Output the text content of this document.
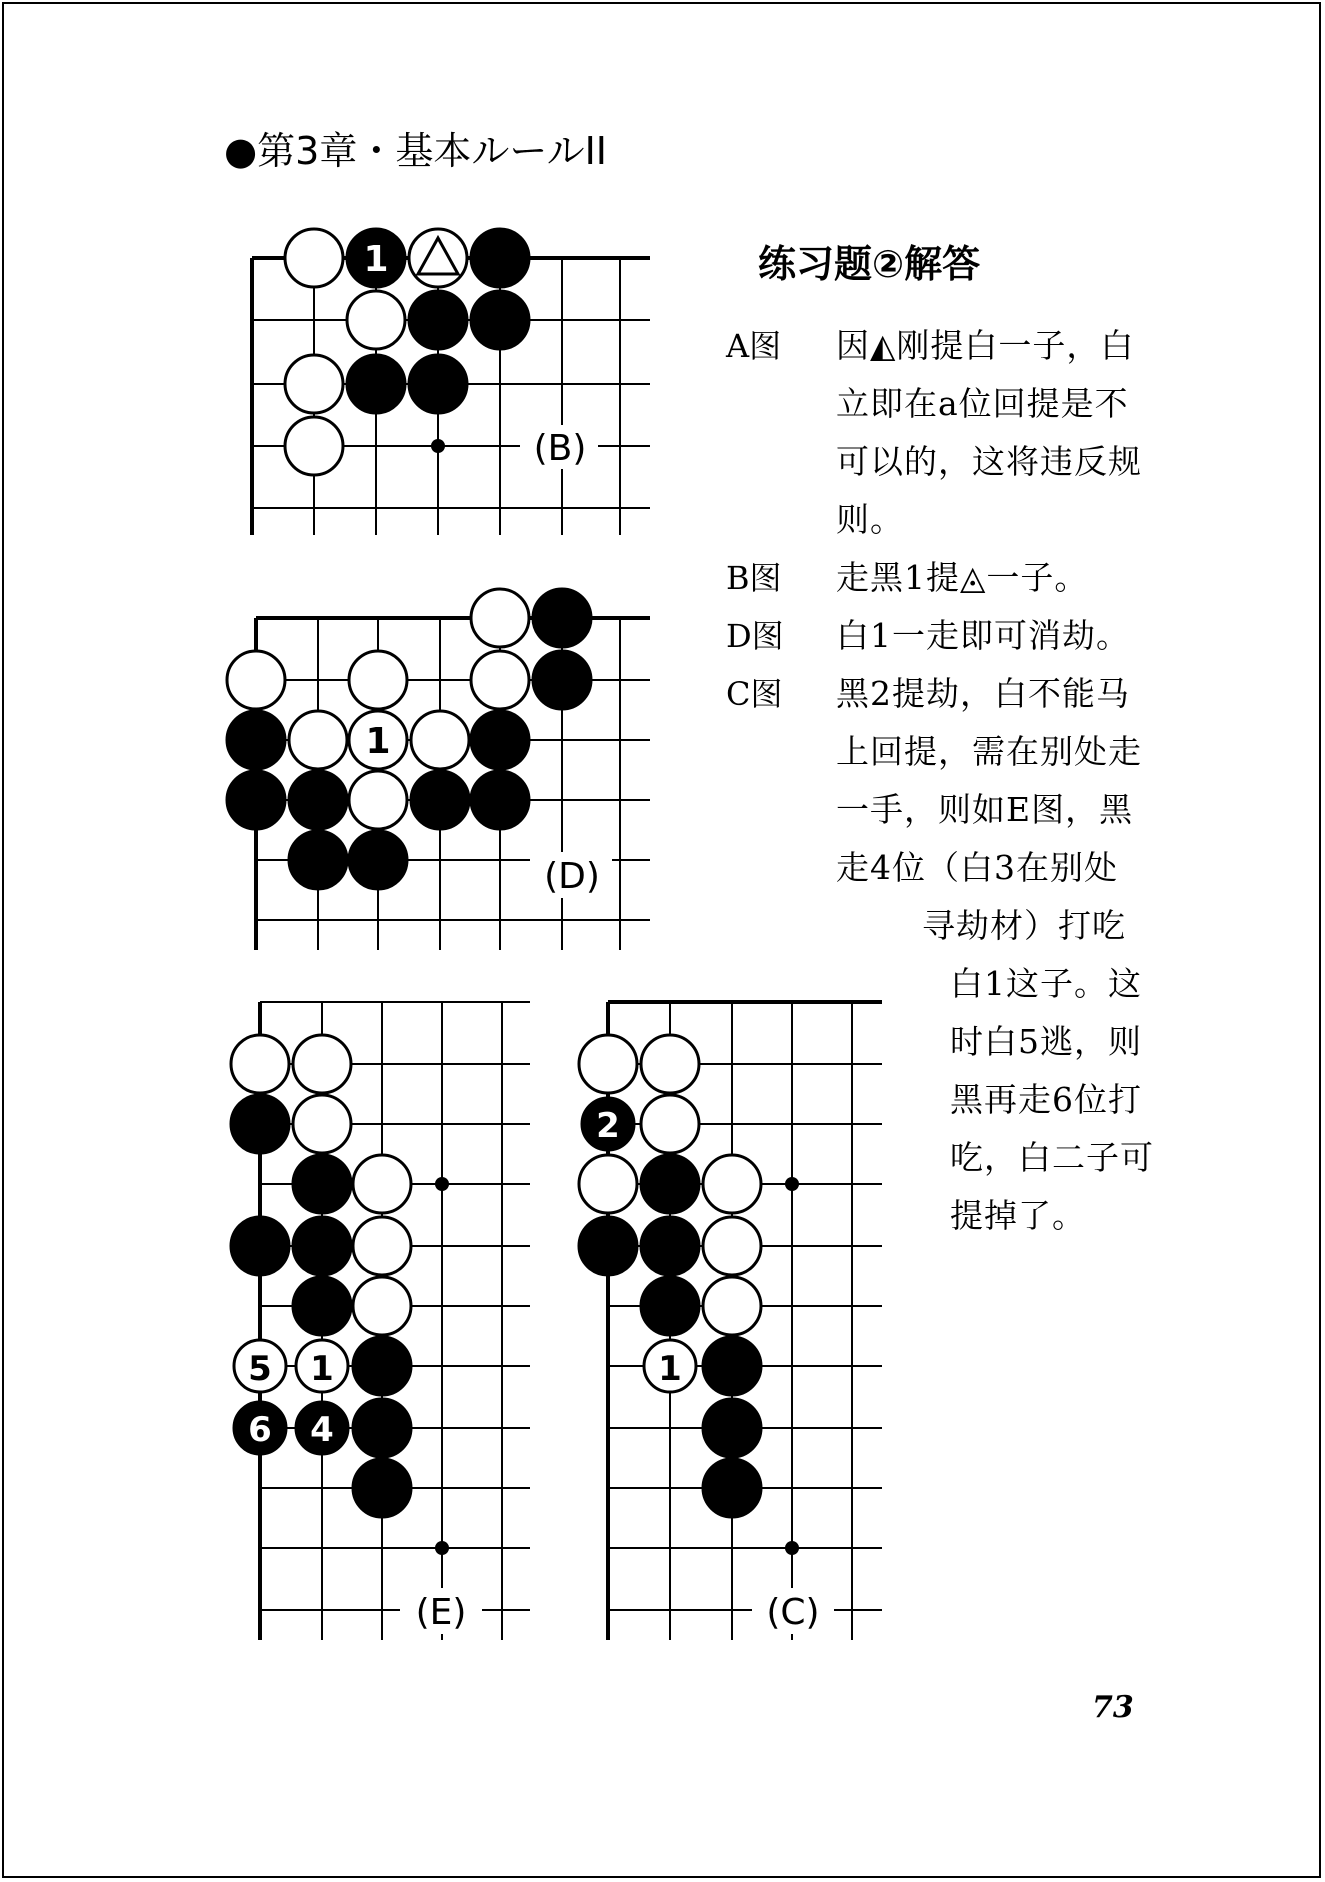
●第3章・基本ルールII
(B)
1
(D)
1
(E)
5 1
6 4
(C)
2
1
练习题②解答
A图 因◭刚提白一子，白
立即在a位回提是不
可以的，这将违反规
则。
B图 走黑1提◬一子。
D图 白1一走即可消劫。
C图 黑2提劫，白不能马
上回提，需在别处走
一手，则如E图，黑
走4位（白3在别处
寻劫材）打吃
白1这子。这
时白5逃，则
黑再走6位打
吃，白二子可
提掉了。
73
